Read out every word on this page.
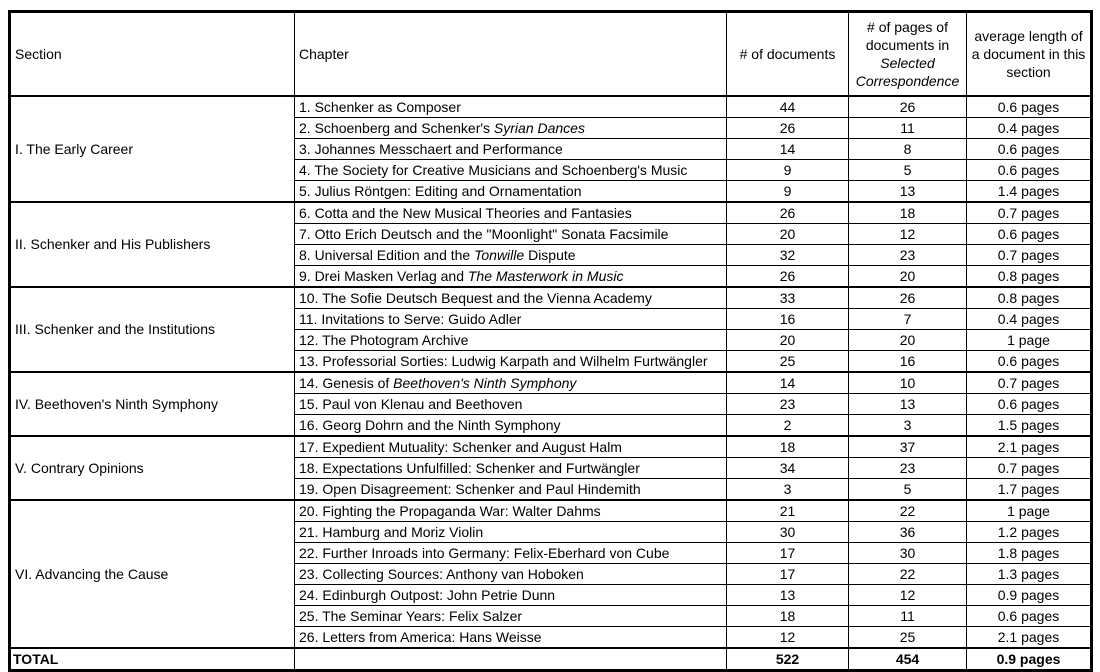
Section	Chapter	# of documents	# of pages of documents in Selected Correspondence	average length of a document in this section
I. The Early Career	1. Schenker as Composer	44	26	0.6 pages
	2. Schoenberg and Schenker's Syrian Dances	26	11	0.4 pages
	3. Johannes Messchaert and Performance	14	8	0.6 pages
	4. The Society for Creative Musicians and Schoenberg's Music	9	5	0.6 pages
	5. Julius Röntgen: Editing and Ornamentation	9	13	1.4 pages
II. Schenker and His Publishers	6. Cotta and the New Musical Theories and Fantasies	26	18	0.7 pages
	7. Otto Erich Deutsch and the "Moonlight" Sonata Facsimile	20	12	0.6 pages
	8. Universal Edition and the Tonwille Dispute	32	23	0.7 pages
	9. Drei Masken Verlag and The Masterwork in Music	26	20	0.8 pages
III. Schenker and the Institutions	10. The Sofie Deutsch Bequest and the Vienna Academy	33	26	0.8 pages
	11. Invitations to Serve: Guido Adler	16	7	0.4 pages
	12. The Photogram Archive	20	20	1 page
	13. Professorial Sorties: Ludwig Karpath and Wilhelm Furtwängler	25	16	0.6 pages
IV. Beethoven's Ninth Symphony	14. Genesis of Beethoven's Ninth Symphony	14	10	0.7 pages
	15. Paul von Klenau and Beethoven	23	13	0.6 pages
	16. Georg Dohrn and the Ninth Symphony	2	3	1.5 pages
V. Contrary Opinions	17. Expedient Mutuality: Schenker and August Halm	18	37	2.1 pages
	18. Expectations Unfulfilled: Schenker and Furtwängler	34	23	0.7 pages
	19. Open Disagreement: Schenker and Paul Hindemith	3	5	1.7 pages
VI. Advancing the Cause	20. Fighting the Propaganda War: Walter Dahms	21	22	1 page
	21. Hamburg and Moriz Violin	30	36	1.2 pages
	22. Further Inroads into Germany: Felix-Eberhard von Cube	17	30	1.8 pages
	23. Collecting Sources: Anthony van Hoboken	17	22	1.3 pages
	24. Edinburgh Outpost: John Petrie Dunn	13	12	0.9 pages
	25. The Seminar Years: Felix Salzer	18	11	0.6 pages
	26. Letters from America: Hans Weisse	12	25	2.1 pages
TOTAL		522	454	0.9 pages
